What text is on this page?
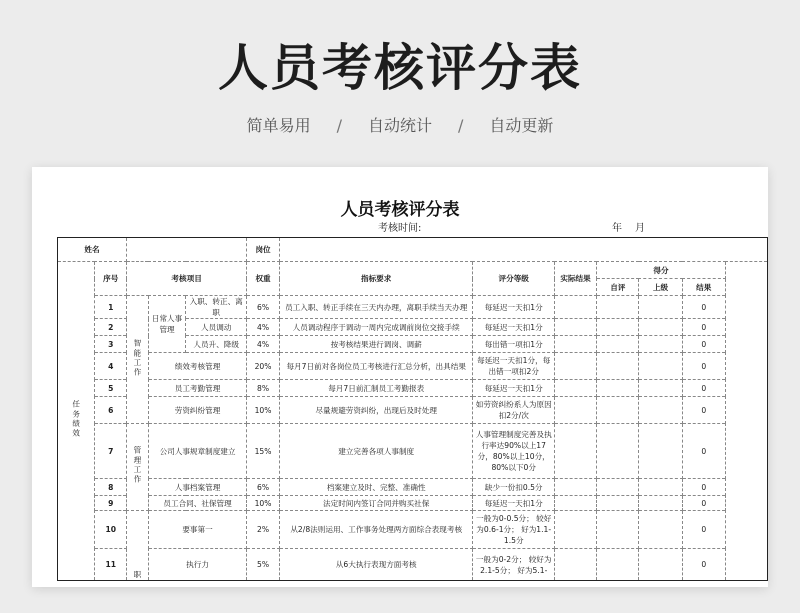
人员考核评分表
简单易用 / 自动统计 / 自动更新
人员考核评分表
考核时间:	年 月
姓名					岗位							
任务绩效	序号	考核项目			权重	指标要求	评分等级	实际结果	得分			
									自评	上级	结果	
	1	智能工作	日常人事管理	入职、转正、离职	6%	员工入职、转正手续在三天内办理，离职手续当天办理	每延迟一天扣1分				0	
	2			人员调动	4%	人员调动程序于调动一周内完成调前岗位交接手续	每延迟一天扣1分				0	
	3			人员升、降级	4%	按考核结果进行调岗、调薪	每出错一项扣1分				0	
	4		绩效考核管理		20%	每月7日前对各岗位员工考核进行汇总分析，出具结果	每延迟一天扣1分，每出错一项扣2分				0	
	5		员工考勤管理		8%	每月7日前汇制员工考勤报表	每延迟一天扣1分				0	
	6		劳资纠纷管理		10%	尽量规避劳资纠纷，出现后及时处理	如劳资纠纷系人为原因扣2分/次				0	
	7	管理工作	公司人事规章制度建立		15%	建立完善各项人事制度	人事管理制度完善及执行率达90%以上17分，80%以上10分，80%以下0分				0	
	8		人事档案管理		6%	档案建立及时、完整、准确性	缺少一份扣0.5分				0	
	9		员工合同、社保管理		10%	法定时间内签订合同并购买社保	每延迟一天扣1分				0	
	10	职	要事第一		2%	从2/8法则运用、工作事务处理两方面综合表现考核	一般为0-0.5分； 较好为0.6-1分； 好为1.1-1.5分				0	
	11		执行力		5%	从6大执行表现方面考核	一般为0-2分； 较好为2.1-5分； 好为5.1-				0	
